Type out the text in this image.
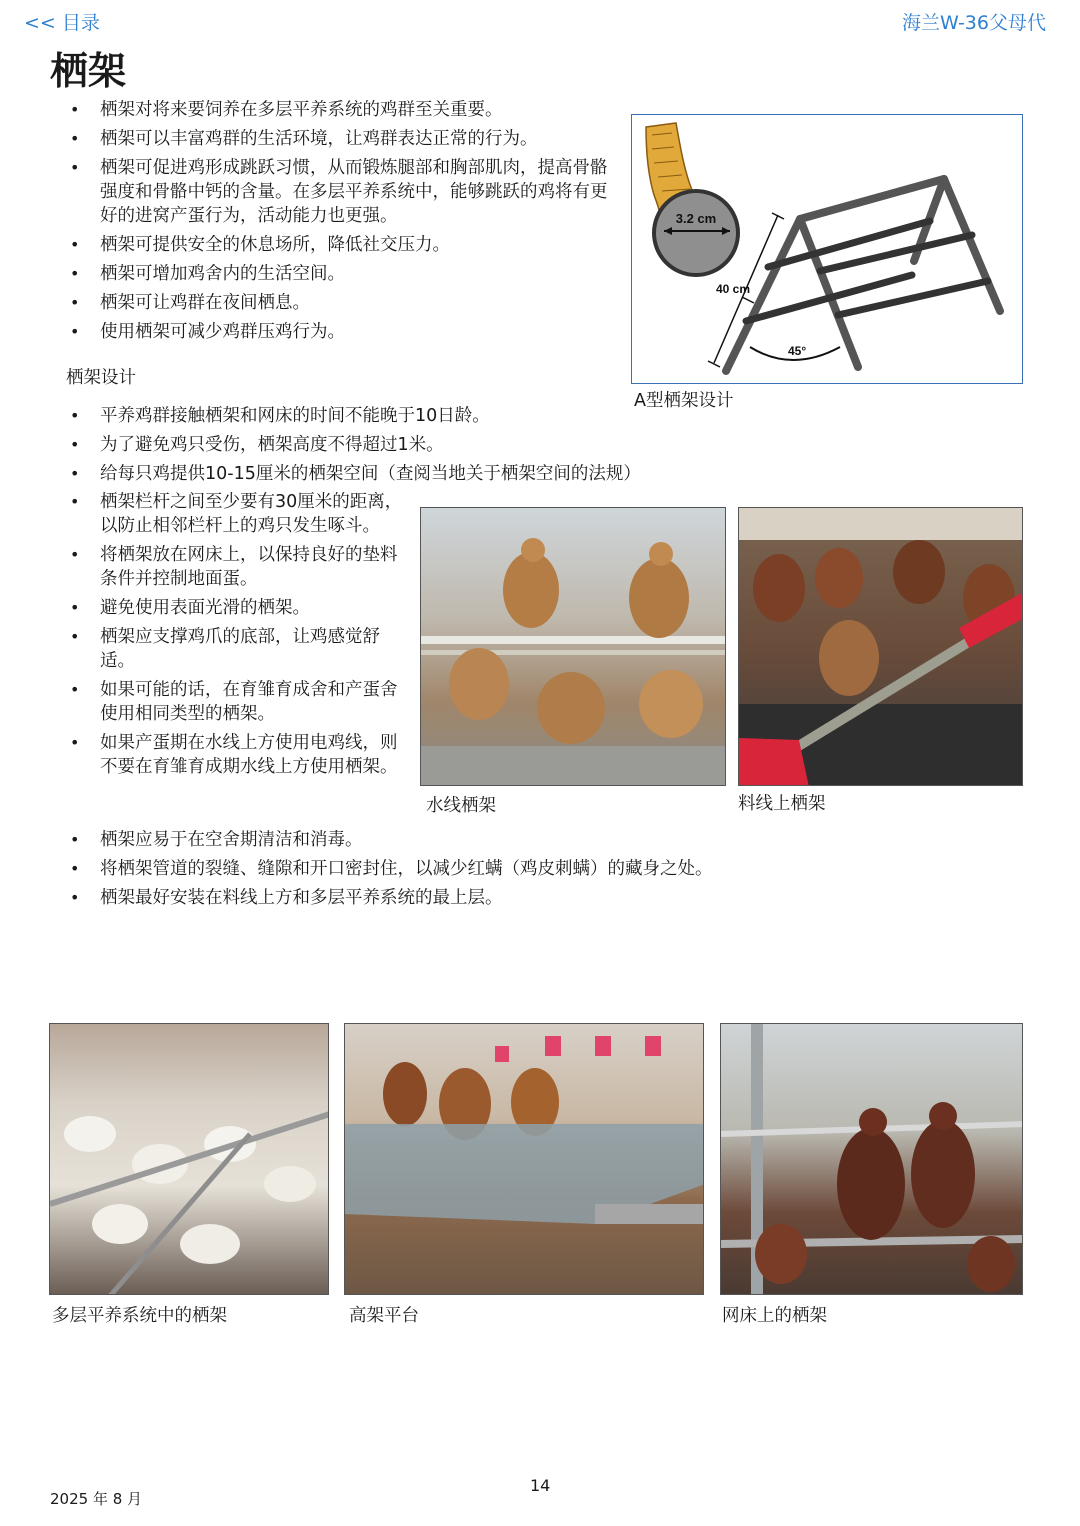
<< 目录	海兰W-36父母代
栖架
• 栖架对将来要饲养在多层平养系统的鸡群至关重要。
• 栖架可以丰富鸡群的生活环境，让鸡群表达正常的行为。
• 栖架可促进鸡形成跳跃习惯，从而锻炼腿部和胸部肌肉，提高骨骼强度和骨骼中钙的含量。在多层平养系统中，能够跳跃的鸡将有更好的进窝产蛋行为，活动能力也更强。
• 栖架可提供安全的休息场所，降低社交压力。
• 栖架可增加鸡舍内的生活空间。
• 栖架可让鸡群在夜间栖息。
• 使用栖架可减少鸡群压鸡行为。
3.2 cm
40 cm
45°
A型栖架设计
栖架设计
• 平养鸡群接触栖架和网床的时间不能晚于10日龄。
• 为了避免鸡只受伤，栖架高度不得超过1米。
• 给每只鸡提供10-15厘米的栖架空间（查阅当地关于栖架空间的法规）
• 栖架栏杆之间至少要有30厘米的距离，以防止相邻栏杆上的鸡只发生啄斗。
• 将栖架放在网床上，以保持良好的垫料条件并控制地面蛋。
• 避免使用表面光滑的栖架。
• 栖架应支撑鸡爪的底部，让鸡感觉舒适。
• 如果可能的话，在育雏育成舍和产蛋舍使用相同类型的栖架。
• 如果产蛋期在水线上方使用电鸡线，则不要在育雏育成期水线上方使用栖架。
水线栖架	料线上栖架
• 栖架应易于在空舍期清洁和消毒。
• 将栖架管道的裂缝、缝隙和开口密封住，以减少红螨（鸡皮刺螨）的藏身之处。
• 栖架最好安装在料线上方和多层平养系统的最上层。
多层平养系统中的栖架	高架平台	网床上的栖架
2025 年 8 月
14
